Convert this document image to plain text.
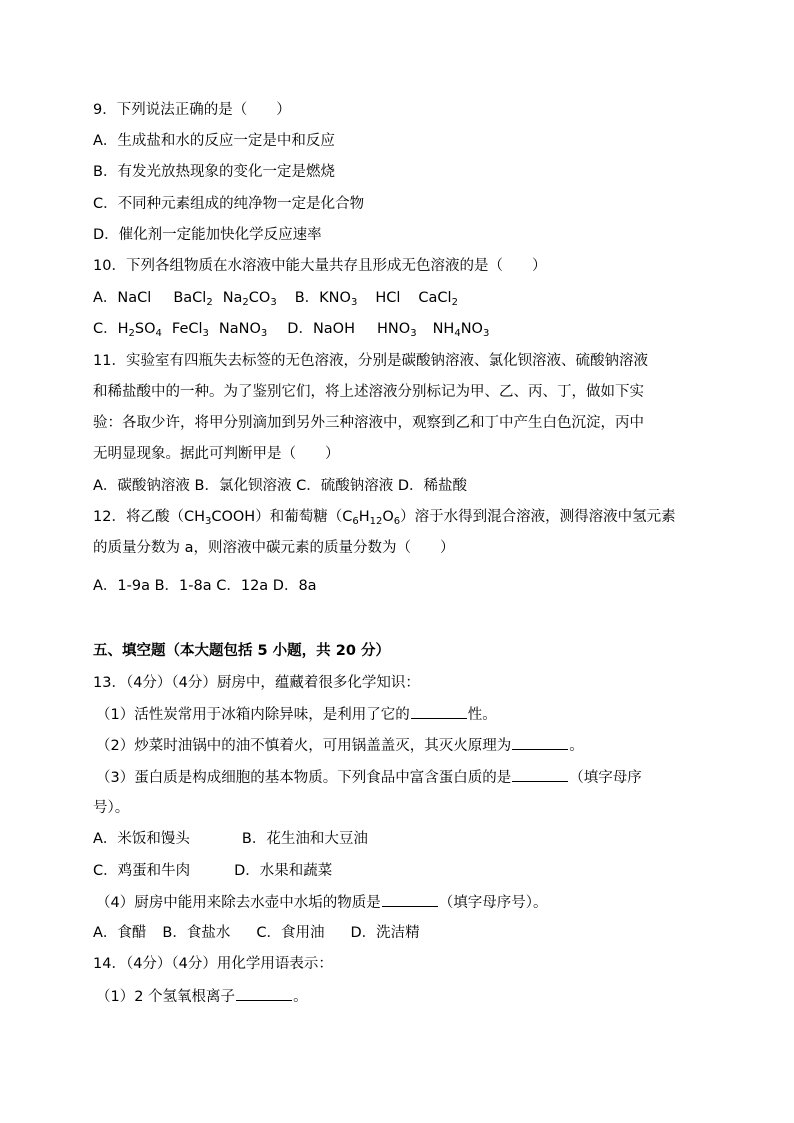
9．下列说法正确的是（　　）
A．生成盐和水的反应一定是中和反应
B．有发光放热现象的变化一定是燃烧
C．不同种元素组成的纯净物一定是化合物
D．催化剂一定能加快化学反应速率
10．下列各组物质在水溶液中能大量共存且形成无色溶液的是（　　）
A．NaCl BaCl$_2$ $Na_2CO_3$ B．$KNO_3$ HCl CaCl$_2$
C．$H_2SO_4$ FeCl$_3$ NaNO$_3$ D．NaOH $HNO_3$ $NH_4NO_3$
11．实验室有四瓶失去标签的无色溶液，分别是碳酸钠溶液、氯化钡溶液、硫酸钠溶液
和稀盐酸中的一种。为了鉴别它们，将上述溶液分别标记为甲、乙、丙、丁，做如下实
验：各取少许，将甲分别滴加到另外三种溶液中，观察到乙和丁中产生白色沉淀，丙中
无明显现象。据此可判断甲是（　　）
A．碳酸钠溶液 B．氯化钡溶液 C．硫酸钠溶液 D．稀盐酸
12．将乙酸$(CH_3COOH)$和葡萄糖$(C_6H_{12}O_6)$溶于水得到混合溶液，测得溶液中氢元素
的质量分数为 a，则溶液中碳元素的质量分数为（　　）
A．1-9a B．1-8a C．12a D．8a
五、填空题（本大题包括 5 小题，共 20 分）
13．（4分）（4分）厨房中，蕴藏着很多化学知识：
（1）活性炭常用于冰箱内除异味，是利用了它的	性。
（2）炒菜时油锅中的油不慎着火，可用锅盖盖灭，其灭火原理为	。
（3）蛋白质是构成细胞的基本物质。下列食品中富含蛋白质的是	（填字母序
号）。
A．米饭和馒头	B．花生油和大豆油
C．鸡蛋和牛肉	D．水果和蔬菜
（4）厨房中能用来除去水壶中水垢的物质是	（填字母序号）。
A．食醋 B．食盐水 C．食用油 D．洗洁精
14．（4分）（4分）用化学用语表示：
（1）2 个氢氧根离子	。
